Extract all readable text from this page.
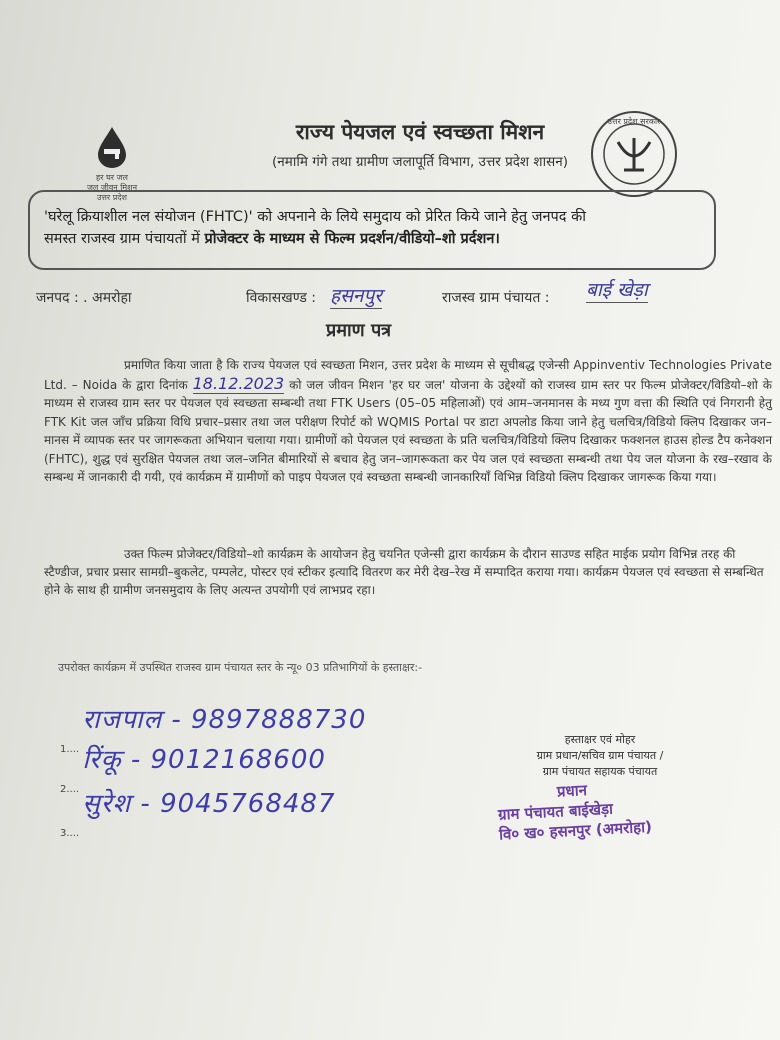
हर घर जल
जल जीवन मिशन
उत्तर प्रदेश
राज्य पेयजल एवं स्वच्छता मिशन
(नमामि गंगे तथा ग्रामीण जलापूर्ति विभाग, उत्तर प्रदेश शासन)
उत्तर प्रदेश सरकार
'घरेलू क्रियाशील नल संयोजन (FHTC)' को अपनाने के लिये समुदाय को प्रेरित किये जाने हेतु जनपद की
समस्त राजस्व ग्राम पंचायतों में प्रोजेक्टर के माध्यम से फिल्म प्रदर्शन/वीडियो–शो प्रर्दशन।
जनपद : . अमरोहा	विकासखण्ड : हसनपुर	राजस्व ग्राम पंचायत : बाई खेड़ा
प्रमाण पत्र
प्रमाणित किया जाता है कि राज्य पेयजल एवं स्वच्छता मिशन, उत्तर प्रदेश के माध्यम से सूचीबद्ध एजेन्सी Appinventiv Technologies Private Ltd. – Noida के द्वारा दिनांक 18.12.2023 को जल जीवन मिशन 'हर घर जल' योजना के उद्देश्यों को राजस्व ग्राम स्तर पर फिल्म प्रोजेक्टर/विडियो–शो के माध्यम से राजस्व ग्राम स्तर पर पेयजल एवं स्वच्छता सम्बन्धी तथा FTK Users (05–05 महिलाओं) एवं आम–जनमानस के मध्य गुण वत्ता की स्थिति एवं निगरानी हेतु FTK Kit जल जाँच प्रक्रिया विधि प्रचार–प्रसार तथा जल परीक्षण रिपोर्ट को WQMIS Portal पर डाटा अपलोड किया जाने हेतु चलचित्र/विडियो क्लिप दिखाकर जन–मानस में व्यापक स्तर पर जागरूकता अभियान चलाया गया। ग्रामीणों को पेयजल एवं स्वच्छता के प्रति चलचित्र/विडियो क्लिप दिखाकर फक्शनल हाउस होल्ड टैप कनेक्शन (FHTC), शुद्ध एवं सुरक्षित पेयजल तथा जल–जनित बीमारियों से बचाव हेतु जन–जागरूकता कर पेय जल एवं स्वच्छता सम्बन्धी तथा पेय जल योजना के रख–रखाव के सम्बन्ध में जानकारी दी गयी, एवं कार्यक्रम में ग्रामीणों को पाइप पेयजल एवं स्वच्छता सम्बन्धी जानकारियाँ विभिन्न विडियो क्लिप दिखाकर जागरूक किया गया।
उक्त फिल्म प्रोजेक्टर/विडियो–शो कार्यक्रम के आयोजन हेतु चयनित एजेन्सी द्वारा कार्यक्रम के दौरान साउण्ड सहित माईक प्रयोग विभिन्न तरह की स्टैण्डीज, प्रचार प्रसार सामग्री–बुकलेट, पम्पलेट, पोस्टर एवं स्टीकर इत्यादि वितरण कर मेरी देख–रेख में सम्पादित कराया गया। कार्यक्रम पेयजल एवं स्वच्छता से सम्बन्धित होने के साथ ही ग्रामीण जनसमुदाय के लिए अत्यन्त उपयोगी एवं लाभप्रद रहा।
उपरोक्त कार्यक्रम में उपस्थित राजस्व ग्राम पंचायत स्तर के न्यू० 03 प्रतिभागियों के हस्ताक्षर:-
1.... राजपाल - 9897888730
2.... रिंकू - 9012168600
3.... सुरेश - 9045768487
हस्ताक्षर एवं मोहर
ग्राम प्रधान/सचिव ग्राम पंचायत /
ग्राम पंचायत सहायक पंचायत
प्रधान
ग्राम पंचायत बाईखेड़ा
वि० ख० हसनपुर (अमरोहा)
